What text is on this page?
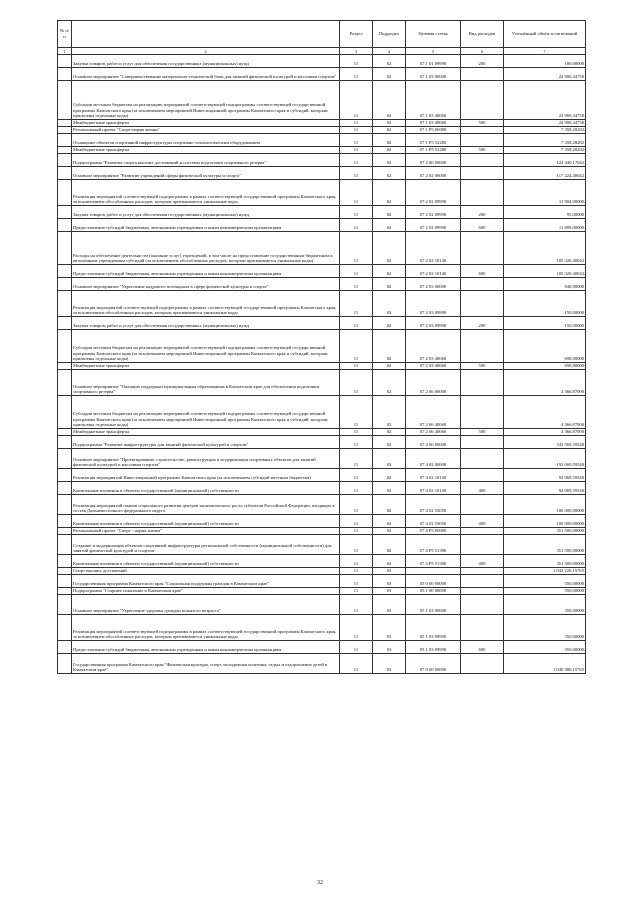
№ п/п		Раздел	Подраздел	Целевая статья	Вид расходов	Уточнённый объём ассигнований
1	2	3	4	5	6	7
	Закупка товаров, работ и услуг для обеспечения государственных (муниципальных) нужд	11	02	07 1 01 09990	200	100,00000
	Основное мероприятие "Совершенствование материально-технической базы для занятий физической культурой и массовым спортом"	11	02	07 1 03 00000		22 900,44758
	Субсидии местным бюджетам на реализацию мероприятий соответствующей подпрограммы соответствующей государственной программы Камчатского края (за исключением мероприятий Инвестиционной программы Камчатского края и субсидий, которым присвоены отдельные коды)	11	02	07 1 03 40060		22 900,44758
	Межбюджетные трансферты	11	02	07 1 03 40060	500	22 900,44758
	Региональный проект "Спорт-норма жизни"	11	02	07 1 P5 00000		7 358,28282
	Оснащение объектов спортивной инфраструктуры спортивно-технологическим оборудованием	11	02	07 1 P5 52280		7 358,28282
	Межбюджетные трансферты	11	02	07 1 P5 52280	500	7 358,28282
	Подпрограмма "Развитие спорта высших достижений и системы подготовки спортивного резерва"	11	02	07 2 00 00000		122 440,17042
	Основное мероприятие "Развитие учреждений сферы физической культуры и спорта"	11	02	07 2 02 00000		117 224,40042
	Реализация мероприятий соответствующей подпрограммы в рамках соответствующей государственной программы Камчатского края, за исключением обособленных расходов, которым присваиваются уникальные коды	11	02	07 2 02 09990		11 904,00000
	Закупка товаров, работ и услуг для обеспечения государственных (муниципальных) нужд	11	02	07 2 02 09990	200	95,00000
	Предоставление субсидий бюджетным, автономным учреждениям и иным некоммерческим организациям	11	02	07 2 02 09990	600	11 809,00000
	Расходы на обеспечение деятельности (оказание услуг) учреждений, в том числе на предоставление государственным бюджетным и автономным учреждениям субсидий (за исключением обособленных расходов, которым присваиваются уникальные коды)	11	02	07 2 02 10140		105 320,40042
	Предоставление субсидий бюджетным, автономным учреждениям и иным некоммерческим организациям	11	02	07 2 02 10140	600	105 320,40042
	Основное мероприятие "Укрепление кадрового потенциала в сфере физической культуры и спорта"	11	02	07 2 03 00000		848,90000
	Реализация мероприятий соответствующей подпрограммы в рамках соответствующей государственной программы Камчатского края, за исключением обособленных расходов, которым присваиваются уникальные коды	11	02	07 2 03 09990		150,00000
	Закупка товаров, работ и услуг для обеспечения государственных (муниципальных) нужд	11	02	07 2 03 09990	200	150,00000
	Субсидии местным бюджетам на реализацию мероприятий соответствующей подпрограммы соответствующей государственной программы Камчатского края (за исключением мероприятий Инвестиционной программы Камчатского края и субсидий, которым присвоены отдельные коды)	11	02	07 2 03 40060		698,90000
	Межбюджетные трансферты	11	02	07 2 03 40060	500	698,90000
	Основное мероприятие "Оказание поддержки муниципальным образованиям в Камчатском крае для обеспечения подготовки спортивного резерва"	11	02	07 2 06 00000		4 366,87000
	Субсидии местным бюджетам на реализацию мероприятий соответствующей подпрограммы соответствующей государственной программы Камчатского края (за исключением мероприятий Инвестиционной программы Камчатского края и субсидий, которым присвоены отдельные коды)	11	02	07 2 06 40060		4 366,87000
	Межбюджетные трансферты	11	02	07 2 06 40060	500	4 366,87000
	Подпрограмма "Развитие инфраструктуры для занятий физической культурой и спортом"	11	02	07 4 00 00000		543 569,59540
	Основное мероприятие "Проектирование, строительство, реконструкция и модернизация спортивных объектов для занятий физической культурой и массовым спортом"	11	02	07 4 02 00000		192 069,59540
	Реализация мероприятий Инвестиционной программы Камчатского края (за исключением субсидий местным бюджетам)	11	02	07 4 02 10130		92 069,59540
	Капитальные вложения в объекты государственной (муниципальной) собственности	11	02	07 4 02 10130	400	92 069,59540
	Реализация мероприятий планов социального развития центров экономического роста субъектов Российской Федерации, входящих в состав Дальневосточного федерального округа	11	02	07 4 02 55050		100 000,00000
	Капитальные вложения в объекты государственной (муниципальной) собственности	11	02	07 4 02 55050	400	100 000,00000
	Региональный проект "Спорт - норма жизни"	11	02	07 4 P5 00000		351 500,00000
	Создание и модернизация объектов спортивной инфраструктуры региональной собственности (муниципальной собственности) для занятий физической культурой и спортом	11	02	07 4 P5 51390		351 500,00000
	Капитальные вложения в объекты государственной (муниципальной) собственности	11	02	07 4 P5 51390	400	351 500,00000
	Спорт высших достижений	11	03			1 042 226,15765
	Государственная программа Камчатского края "Социальная поддержка граждан в Камчатском крае"	11	03	05 0 00 00000		350,00000
	Подпрограмма "Старшее поколение в Камчатском крае"	11	03	05 1 00 00000		350,00000
	Основное мероприятие "Укрепление здоровья граждан пожилого возраста"	11	03	05 1 03 00000		350,00000
	Реализация мероприятий соответствующей подпрограммы в рамках соответствующей государственной программы Камчатского края, за исключением обособленных расходов, которым присваиваются уникальные коды	11	03	05 1 03 09990		350,00000
	Предоставление субсидий бюджетным, автономным учреждениям и иным некоммерческим организациям	11	03	05 1 03 09990	600	350,00000
	Государственная программа Камчатского края "Физическая культура, спорт, молодежная политика, отдых и оздоровление детей в Камчатском крае"	11	03	07 0 00 00000		1 040 986,15765
32
